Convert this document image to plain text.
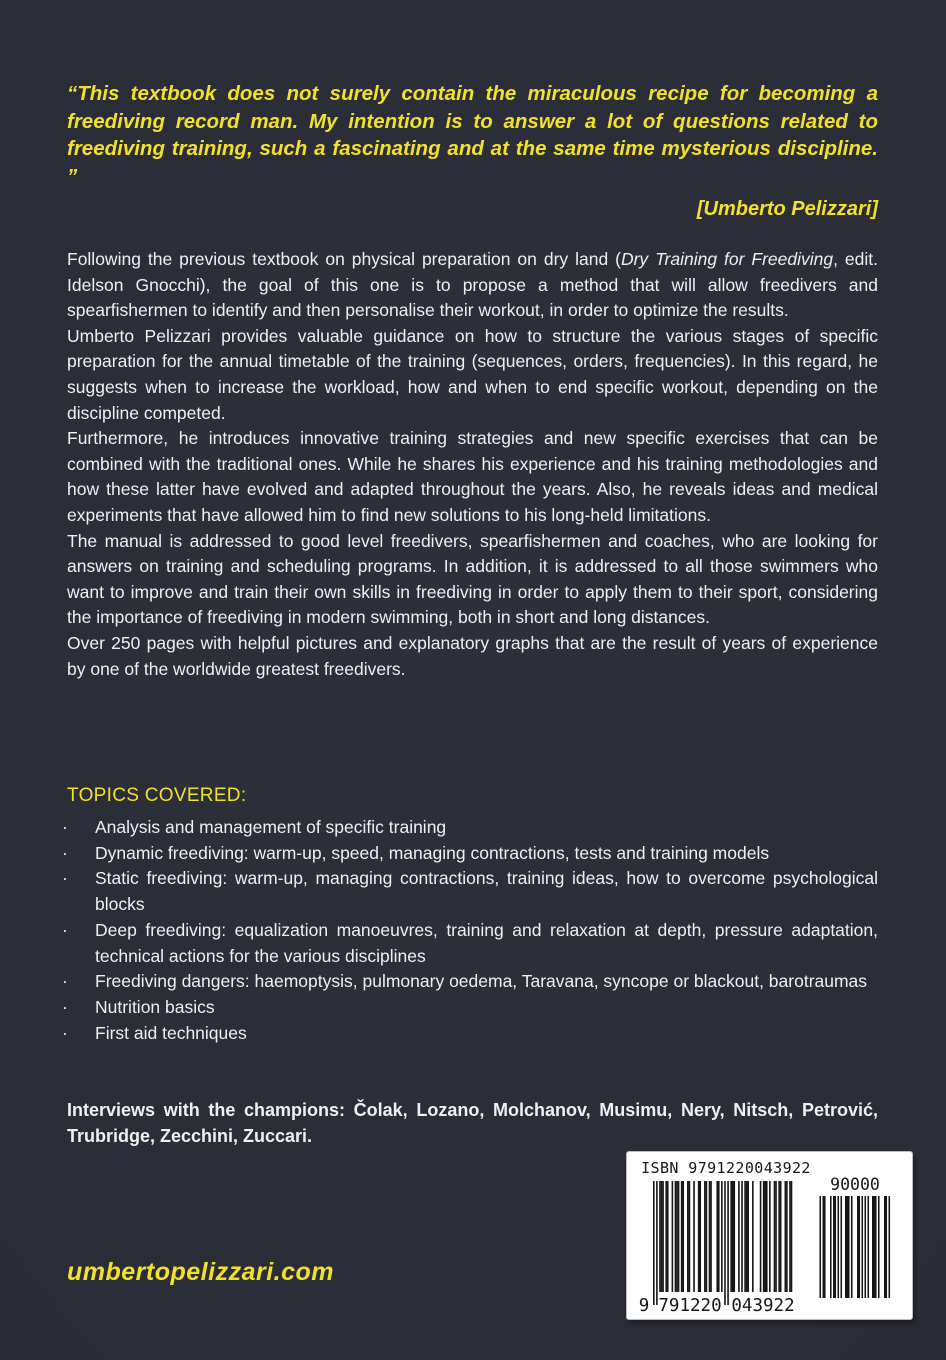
“This textbook does not surely contain the miraculous recipe for becoming a freediving record man. My intention is to answer a lot of questions related to freediving training, such a fascinating and at the same time mysterious discipline. ”

[Umberto Pelizzari]

Following the previous textbook on physical preparation on dry land (Dry Training for Freediving, edit. Idelson Gnocchi), the goal of this one is to propose a method that will allow freedivers and spearfishermen to identify and then personalise their workout, in order to optimize the results.

Umberto Pelizzari provides valuable guidance on how to structure the various stages of specific preparation for the annual timetable of the training (sequences, orders, frequencies). In this regard, he suggests when to increase the workload, how and when to end specific workout, depending on the discipline competed.

Furthermore, he introduces innovative training strategies and new specific exercises that can be combined with the traditional ones. While he shares his experience and his training methodologies and how these latter have evolved and adapted throughout the years. Also, he reveals ideas and medical experiments that have allowed him to find new solutions to his long-held limitations.

The manual is addressed to good level freedivers, spearfishermen and coaches, who are looking for answers on training and scheduling programs. In addition, it is addressed to all those swimmers who want to improve and train their own skills in freediving in order to apply them to their sport, considering the importance of freediving in modern swimming, both in short and long distances.

Over 250 pages with helpful pictures and explanatory graphs that are the result of years of experience by one of the worldwide greatest freedivers.

TOPICS COVERED:
· Analysis and management of specific training
· Dynamic freediving: warm-up, speed, managing contractions, tests and training models
· Static freediving: warm-up, managing contractions, training ideas, how to overcome psychological blocks
· Deep freediving: equalization manoeuvres, training and relaxation at depth, pressure adaptation, technical actions for the various disciplines
· Freediving dangers: haemoptysis, pulmonary oedema, Taravana, syncope or blackout, barotraumas
· Nutrition basics
· First aid techniques

Interviews with the champions: Čolak, Lozano, Molchanov, Musimu, Nery, Nitsch, Petrović, Trubridge, Zecchini, Zuccari.

ISBN 9791220043922
9 791220 043922
90000

umbertopelizzari.com
